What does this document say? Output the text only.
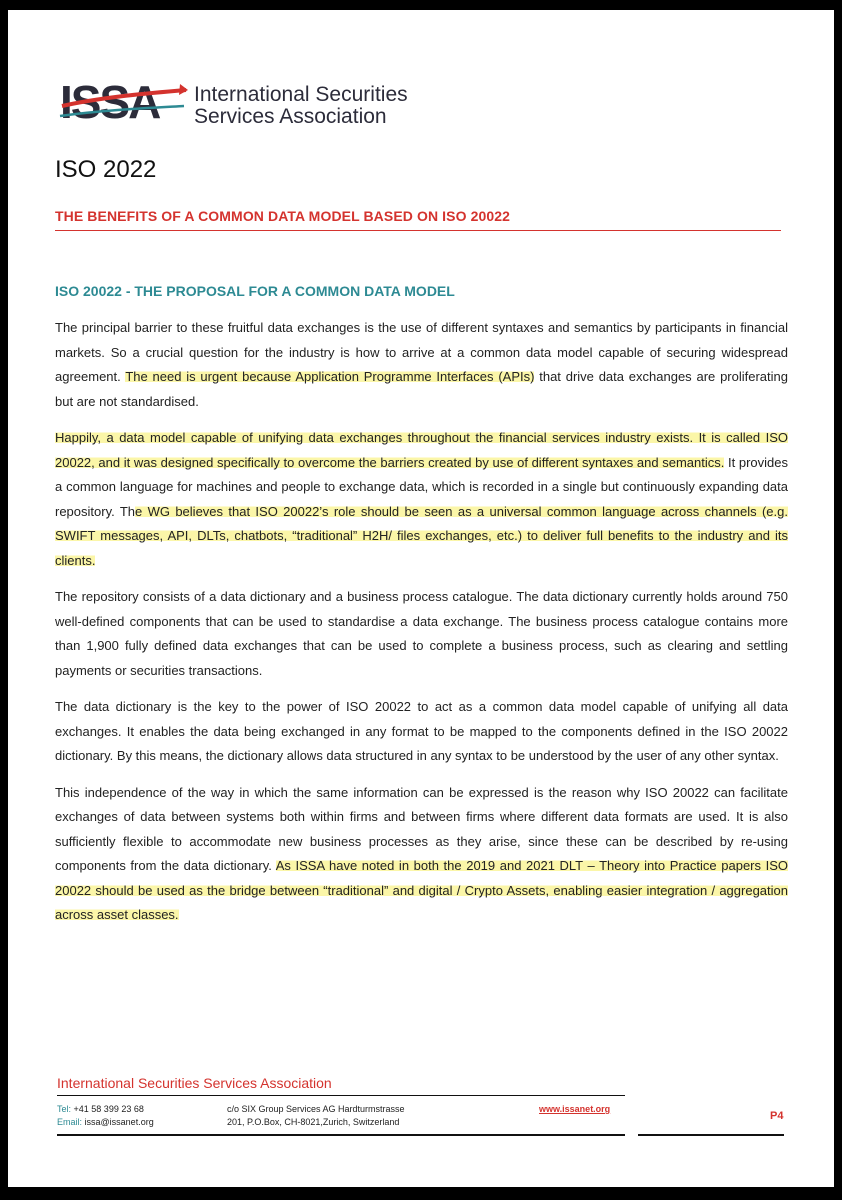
ISSA International Securities
Services Association
ISO 2022
THE BENEFITS OF A COMMON DATA MODEL BASED ON ISO 20022
ISO 20022 - THE PROPOSAL FOR A COMMON DATA MODEL

The principal barrier to these fruitful data exchanges is the use of different syntaxes and semantics by participants in financial markets. So a crucial question for the industry is how to arrive at a common data model capable of securing widespread agreement. The need is urgent because Application Programme Interfaces (APIs) that drive data exchanges are proliferating but are not standardised.

Happily, a data model capable of unifying data exchanges throughout the financial services industry exists. It is called ISO 20022, and it was designed specifically to overcome the barriers created by use of different syntaxes and semantics. It provides a common language for machines and people to exchange data, which is recorded in a single but continuously expanding data repository. The WG believes that ISO 20022’s role should be seen as a universal common language across channels (e.g. SWIFT messages, API, DLTs, chatbots, “traditional” H2H/ files exchanges, etc.) to deliver full benefits to the industry and its clients.

The repository consists of a data dictionary and a business process catalogue. The data dictionary currently holds around 750 well-defined components that can be used to standardise a data exchange. The business process catalogue contains more than 1,900 fully defined data exchanges that can be used to complete a business process, such as clearing and settling payments or securities transactions.

The data dictionary is the key to the power of ISO 20022 to act as a common data model capable of unifying all data exchanges. It enables the data being exchanged in any format to be mapped to the components defined in the ISO 20022 dictionary. By this means, the dictionary allows data structured in any syntax to be understood by the user of any other syntax.

This independence of the way in which the same information can be expressed is the reason why ISO 20022 can facilitate exchanges of data between systems both within firms and between firms where different data formats are used. It is also sufficiently flexible to accommodate new business processes as they arise, since these can be described by re-using components from the data dictionary. As ISSA have noted in both the 2019 and 2021 DLT – Theory into Practice papers ISO 20022 should be used as the bridge between “traditional” and digital / Crypto Assets, enabling easier integration / aggregation across asset classes.

International Securities Services Association
Tel: +41 58 399 23 68
Email: issa@issanet.org
c/o SIX Group Services AG Hardturmstrasse
201, P.O.Box, CH-8021,Zurich, Switzerland
www.issanet.org
P4
